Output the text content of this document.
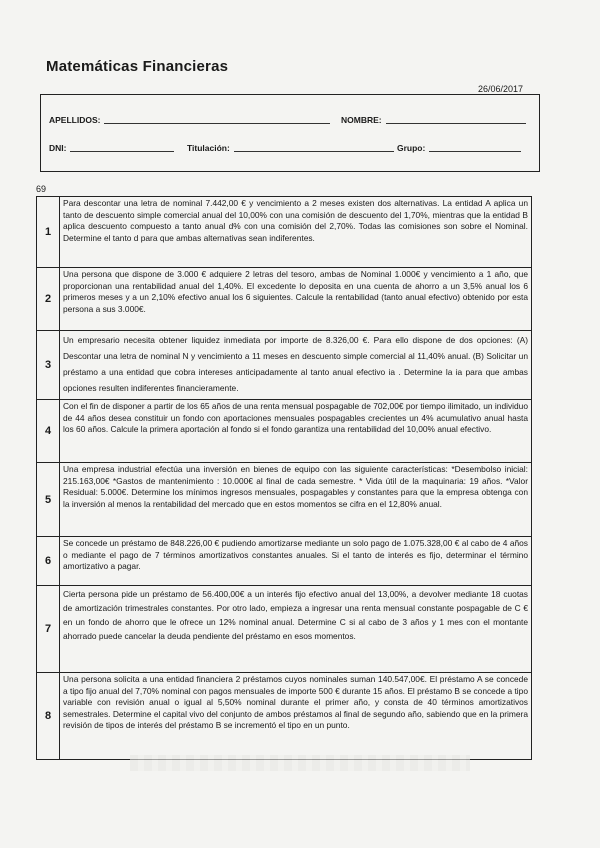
Matemáticas Financieras
26/06/2017
APELLIDOS:	NOMBRE:
DNI:	Titulación:	Grupo:
69
1	Para descontar una letra de nominal 7.442,00 € y vencimiento a 2 meses existen dos alternativas. La entidad A aplica un tanto de descuento simple comercial anual del 10,00% con una comisión de descuento del 1,70%, mientras que la entidad B aplica descuento compuesto a tanto anual d% con una comisión del 2,70%. Todas las comisiones son sobre el Nominal. Determine el tanto d para que ambas alternativas sean indiferentes.
2	Una persona que dispone de 3.000 € adquiere 2 letras del tesoro, ambas de Nominal 1.000€ y vencimiento a 1 año, que proporcionan una rentabilidad anual del 1,40%. El excedente lo deposita en una cuenta de ahorro a un 3,5% anual los 6 primeros meses y a un 2,10% efectivo anual los 6 siguientes. Calcule la rentabilidad (tanto anual efectivo) obtenido por esta persona a sus 3.000€.
3	Un empresario necesita obtener liquidez inmediata por importe de 8.326,00 €. Para ello dispone de dos opciones: (A) Descontar una letra de nominal N y vencimiento a 11 meses en descuento simple comercial al 11,40% anual. (B) Solicitar un préstamo a una entidad que cobra intereses anticipadamente al tanto anual efectivo ia . Determine la ia para que ambas opciones resulten indiferentes financieramente.
4	Con el fin de disponer a partir de los 65 años de una renta mensual pospagable de 702,00€ por tiempo ilimitado, un individuo de 44 años desea constituir un fondo con aportaciones mensuales pospagables crecientes un 4% acumulativo anual hasta los 60 años. Calcule la primera aportación al fondo si el fondo garantiza una rentabilidad del 10,00% anual efectivo.
5	Una empresa industrial efectúa una inversión en bienes de equipo con las siguiente características: *Desembolso inicial: 215.163,00€ *Gastos de mantenimiento : 10.000€ al final de cada semestre. * Vida útil de la maquinaria: 19 años. *Valor Residual: 5.000€. Determine los mínimos ingresos mensuales, pospagables y constantes para que la empresa obtenga con la inversión al menos la rentabilidad del mercado que en estos momentos se cifra en el 12,80% anual.
6	Se concede un préstamo de 848.226,00 € pudiendo amortizarse mediante un solo pago de 1.075.328,00 € al cabo de 4 años o mediante el pago de 7 términos amortizativos constantes anuales. Si el tanto de interés es fijo, determinar el término amortizativo a pagar.
7	Cierta persona pide un préstamo de 56.400,00€ a un interés fijo efectivo anual del 13,00%, a devolver mediante 18 cuotas de amortización trimestrales constantes. Por otro lado, empieza a ingresar una renta mensual constante pospagable de C € en un fondo de ahorro que le ofrece un 12% nominal anual. Determine C si al cabo de 3 años y 1 mes con el montante ahorrado puede cancelar la deuda pendiente del préstamo en esos momentos.
8	Una persona solicita a una entidad financiera 2 préstamos cuyos nominales suman 140.547,00€. El préstamo A se concede a tipo fijo anual del 7,70% nominal con pagos mensuales de importe 500 € durante 15 años. El préstamo B se concede a tipo variable con revisión anual o igual al 5,50% nominal durante el primer año, y consta de 40 términos amortizativos semestrales. Determine el capital vivo del conjunto de ambos préstamos al final de segundo año, sabiendo que en la primera revisión de tipos de interés del préstamo B se incrementó el tipo en un punto.
